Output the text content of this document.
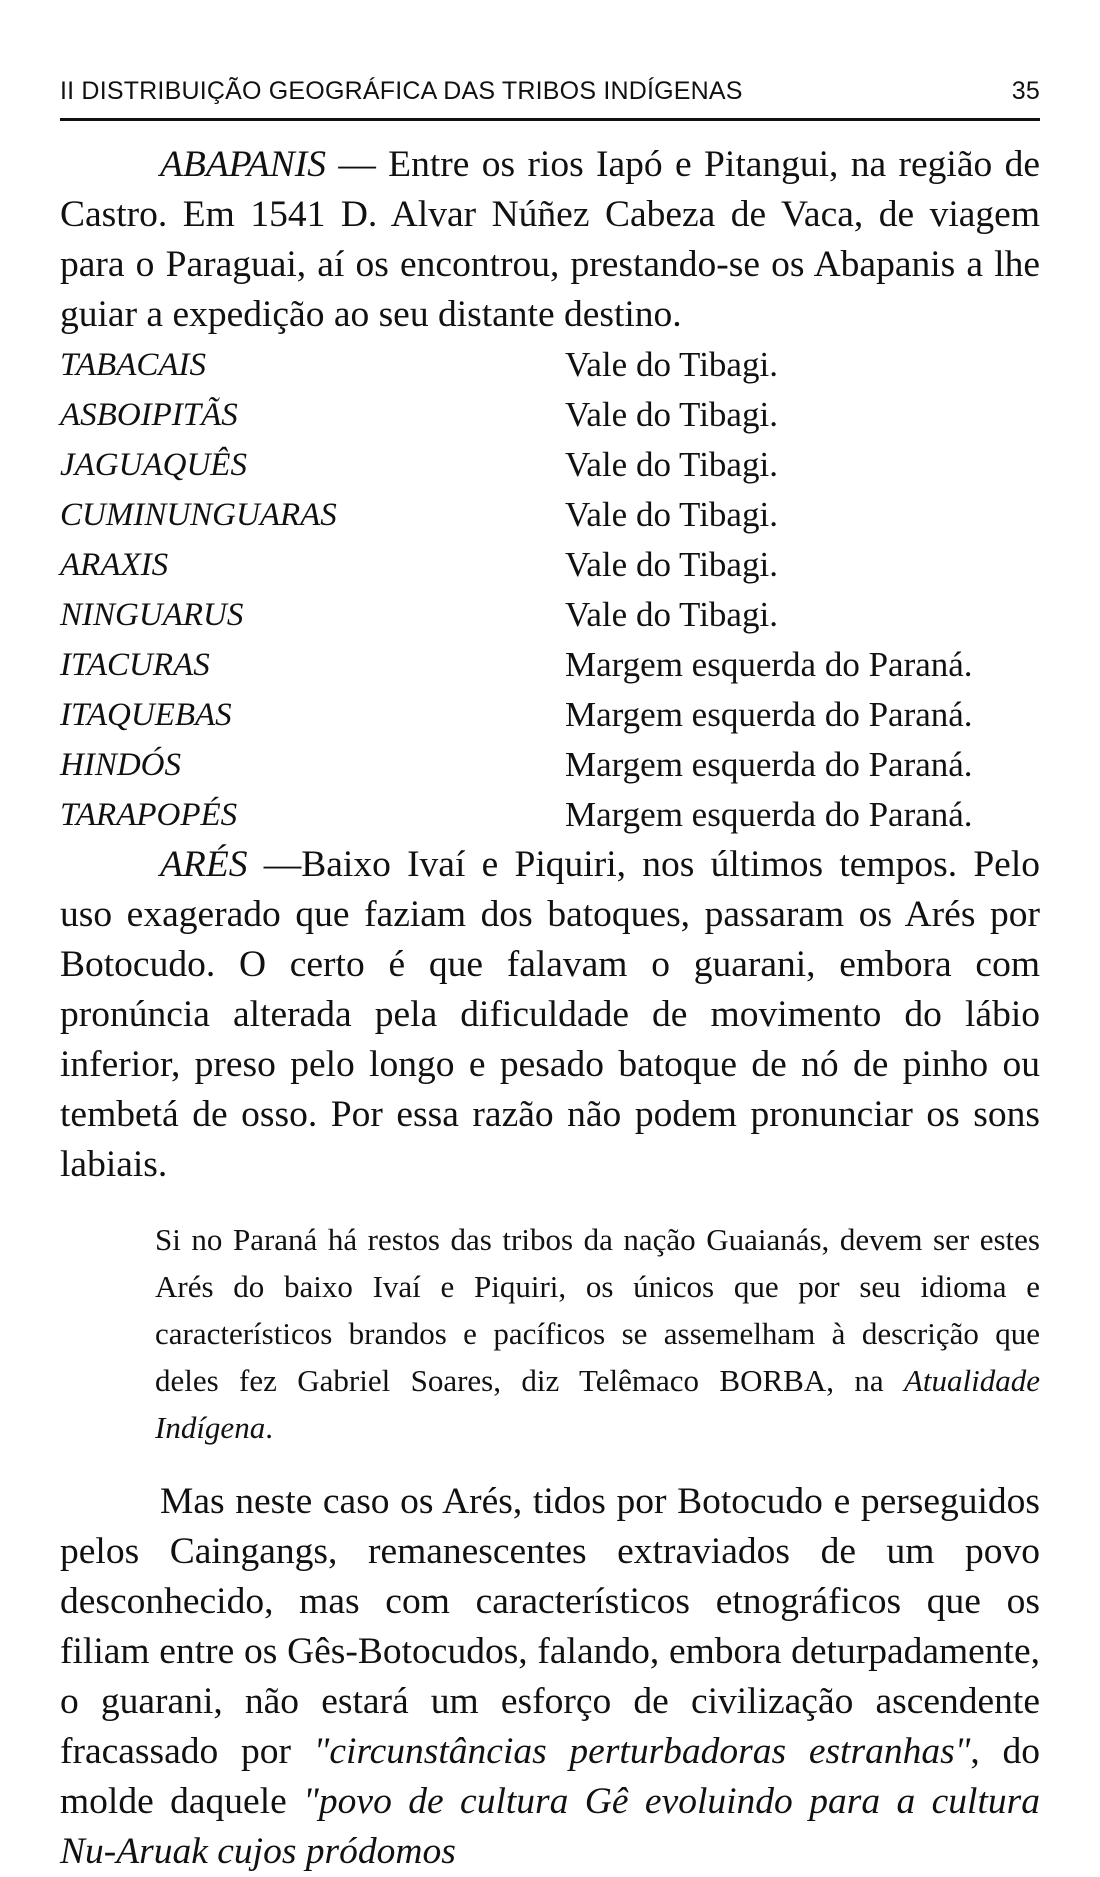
II DISTRIBUIÇÃO GEOGRÁFICA DAS TRIBOS INDÍGENAS	35

ABAPANIS — Entre os rios Iapó e Pitangui, na região de Castro. Em 1541 D. Alvar Núñez Cabeza de Vaca, de viagem para o Paraguai, aí os encontrou, prestando-se os Abapanis a lhe guiar a expedição ao seu distante destino.

TABACAIS	Vale do Tibagi.
ASBOIPITÃS	Vale do Tibagi.
JAGUAQUÊS	Vale do Tibagi.
CUMINUNGUARAS	Vale do Tibagi.
ARAXIS	Vale do Tibagi.
NINGUARUS	Vale do Tibagi.
ITACURAS	Margem esquerda do Paraná.
ITAQUEBAS	Margem esquerda do Paraná.
HINDÓS	Margem esquerda do Paraná.
TARAPOPÉS	Margem esquerda do Paraná.

ARÉS —Baixo Ivaí e Piquiri, nos últimos tempos. Pelo uso exagerado que faziam dos batoques, passaram os Arés por Botocudo. O certo é que falavam o guarani, embora com pronúncia alterada pela dificuldade de movimento do lábio inferior, preso pelo longo e pesado batoque de nó de pinho ou tembetá de osso. Por essa razão não podem pronunciar os sons labiais.

Si no Paraná há restos das tribos da nação Guaianás, devem ser estes Arés do baixo Ivaí e Piquiri, os únicos que por seu idioma e característicos brandos e pacíficos se assemelham à descrição que deles fez Gabriel Soares, diz Telêmaco BORBA, na Atualidade Indígena.

Mas neste caso os Arés, tidos por Botocudo e perseguidos pelos Caingangs, remanescentes extraviados de um povo desconhecido, mas com característicos etnográficos que os filiam entre os Gês-Botocudos, falando, embora deturpadamente, o guarani, não estará um esforço de civilização ascendente fracassado por "circunstâncias perturbadoras estranhas", do molde daquele "povo de cultura Gê evoluindo para a cultura Nu-Aruak cujos pródomos
